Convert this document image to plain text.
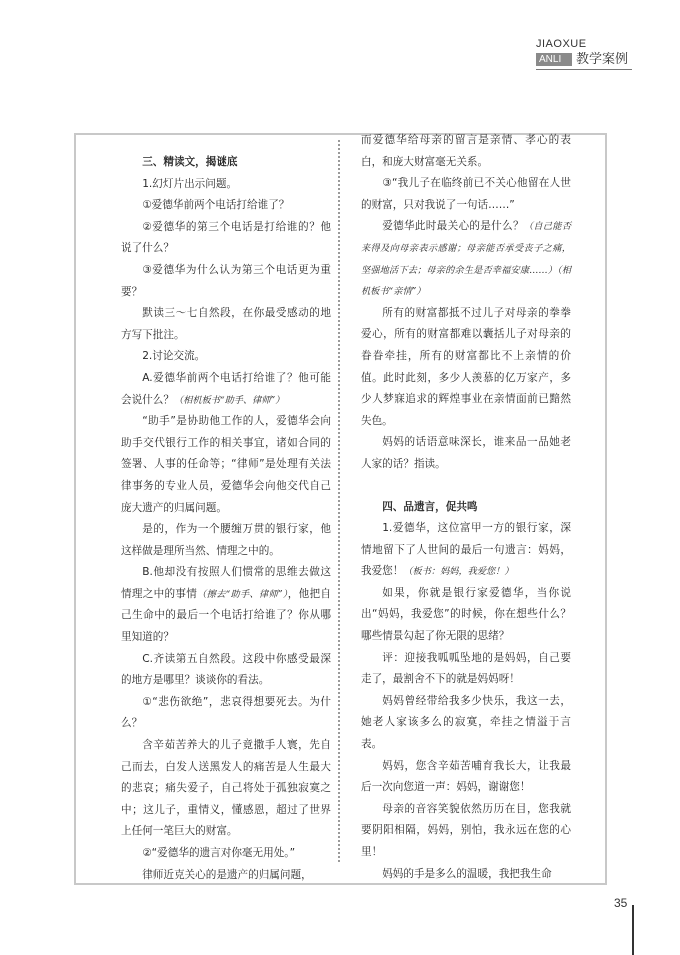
JIAOXUE
ANLI	教学案例

三、精读文，揭谜底

1.幻灯片出示问题。

①爱德华前两个电话打给谁了？

②爱德华的第三个电话是打给谁的？他说了什么？

③爱德华为什么认为第三个电话更为重要？

默读三～七自然段，在你最受感动的地方写下批注。

2.讨论交流。

A.爱德华前两个电话打给谁了？他可能会说什么？（相机板书“助手、律师”）

“助手”是协助他工作的人，爱德华会向助手交代银行工作的相关事宜，诸如合同的签署、人事的任命等；“律师”是处理有关法律事务的专业人员，爱德华会向他交代自己庞大遗产的归属问题。

是的，作为一个腰缠万贯的银行家，他这样做是理所当然、情理之中的。

B.他却没有按照人们惯常的思维去做这情理之中的事情（擦去“助手、律师”），他把自己生命中的最后一个电话打给谁了？你从哪里知道的？

C.齐读第五自然段。这段中你感受最深的地方是哪里？谈谈你的看法。

①“悲伤欲绝”，悲哀得想要死去。为什么？

含辛茹苦养大的儿子竟撒手人寰，先自己而去，白发人送黑发人的痛苦是人生最大的悲哀；痛失爱子，自己将处于孤独寂寞之中；这儿子，重情义，懂感恩，超过了世界上任何一笔巨大的财富。

②“爱德华的遗言对你毫无用处。”

律师近克关心的是遗产的归属问题，

而爱德华给母亲的留言是亲情、孝心的表白，和庞大财富毫无关系。

③“我儿子在临终前已不关心他留在人世的财富，只对我说了一句话……”

爱德华此时最关心的是什么？（自己能否来得及向母亲表示感谢；母亲能否承受丧子之痛，坚强地活下去；母亲的余生是否幸福安康……）（相机板书“亲情”）

所有的财富都抵不过儿子对母亲的拳拳爱心，所有的财富都难以囊括儿子对母亲的眷眷牵挂，所有的财富都比不上亲情的价值。此时此刻，多少人羡慕的亿万家产，多少人梦寐追求的辉煌事业在亲情面前已黯然失色。

妈妈的话语意味深长，谁来品一品她老人家的话？指读。

四、品遗言，促共鸣

1.爱德华，这位富甲一方的银行家，深情地留下了人世间的最后一句遗言：妈妈，我爱您！（板书：妈妈，我爱您！）

如果，你就是银行家爱德华，当你说出“妈妈，我爱您”的时候，你在想些什么？哪些情景勾起了你无限的思绪？

评：迎接我呱呱坠地的是妈妈，自己要走了，最割舍不下的就是妈妈呀！

妈妈曾经带给我多少快乐，我这一去，她老人家该多么的寂寞，牵挂之情溢于言表。

妈妈，您含辛茹苦哺育我长大，让我最后一次向您道一声：妈妈，谢谢您！

母亲的音容笑貌依然历历在目，您我就要阴阳相隔，妈妈，别怕，我永远在您的心里！

妈妈的手是多么的温暖，我把我生命

35
